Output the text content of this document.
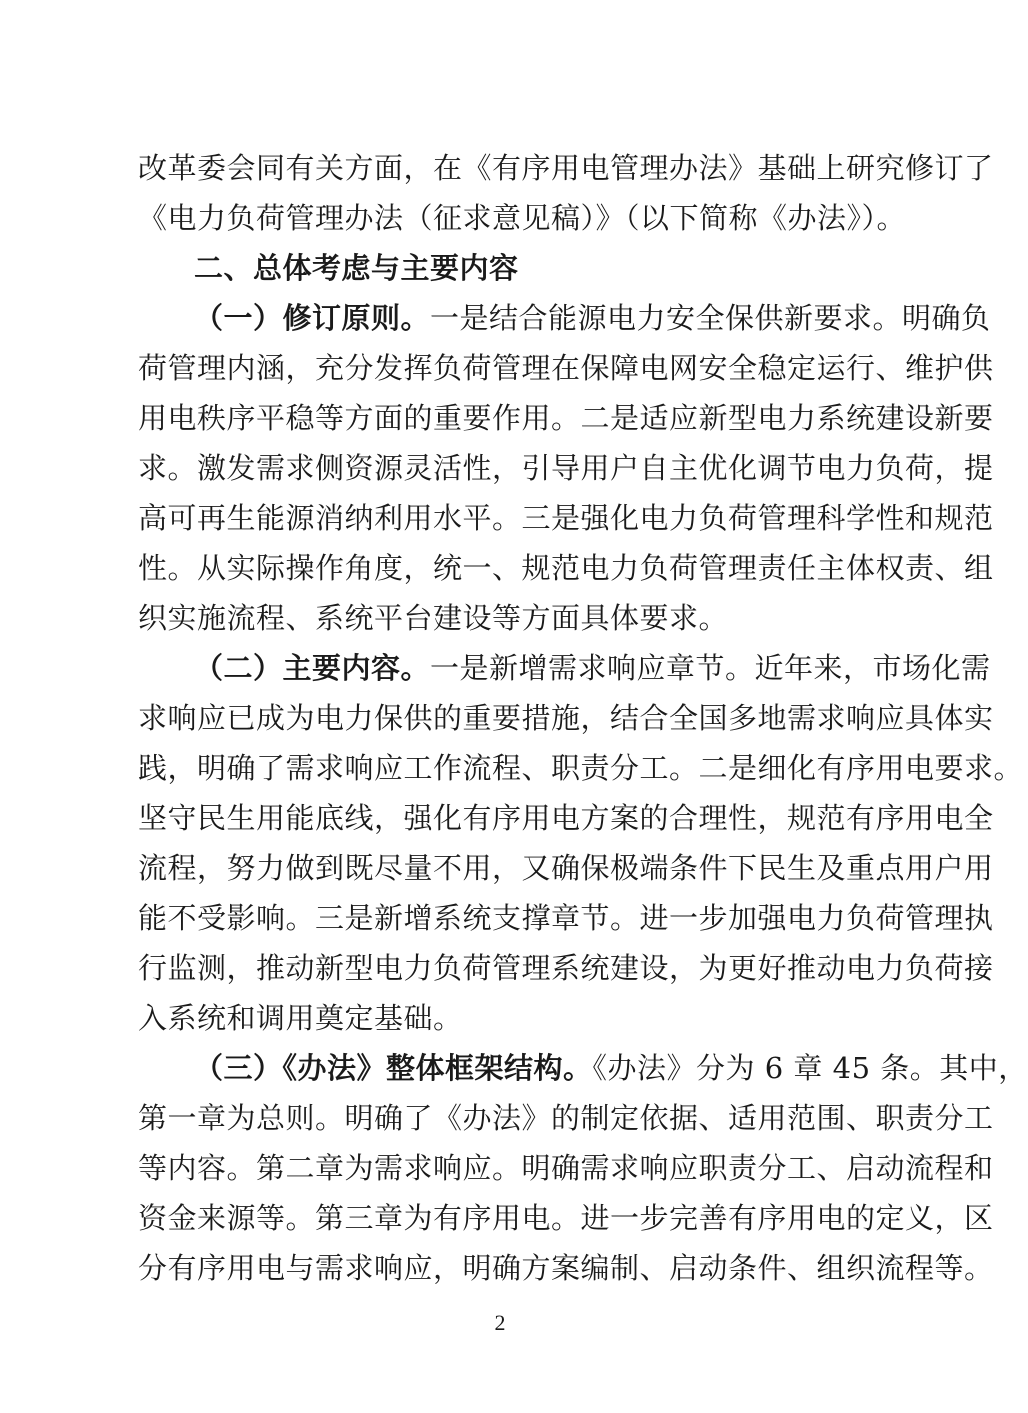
改革委会同有关方面，在《有序用电管理办法》基础上研究修订了
《电力负荷管理办法（征求意见稿）》（以下简称《办法》）。
二、总体考虑与主要内容
（一）修订原则。一是结合能源电力安全保供新要求。明确负
荷管理内涵，充分发挥负荷管理在保障电网安全稳定运行、维护供
用电秩序平稳等方面的重要作用。二是适应新型电力系统建设新要
求。激发需求侧资源灵活性，引导用户自主优化调节电力负荷，提
高可再生能源消纳利用水平。三是强化电力负荷管理科学性和规范
性。从实际操作角度，统一、规范电力负荷管理责任主体权责、组
织实施流程、系统平台建设等方面具体要求。
（二）主要内容。一是新增需求响应章节。近年来，市场化需
求响应已成为电力保供的重要措施，结合全国多地需求响应具体实
践，明确了需求响应工作流程、职责分工。二是细化有序用电要求。
坚守民生用能底线，强化有序用电方案的合理性，规范有序用电全
流程，努力做到既尽量不用，又确保极端条件下民生及重点用户用
能不受影响。三是新增系统支撑章节。进一步加强电力负荷管理执
行监测，推动新型电力负荷管理系统建设，为更好推动电力负荷接
入系统和调用奠定基础。
（三）《办法》整体框架结构。《办法》分为 6 章 45 条。其中，
第一章为总则。明确了《办法》的制定依据、适用范围、职责分工
等内容。第二章为需求响应。明确需求响应职责分工、启动流程和
资金来源等。第三章为有序用电。进一步完善有序用电的定义，区
分有序用电与需求响应，明确方案编制、启动条件、组织流程等。
2
